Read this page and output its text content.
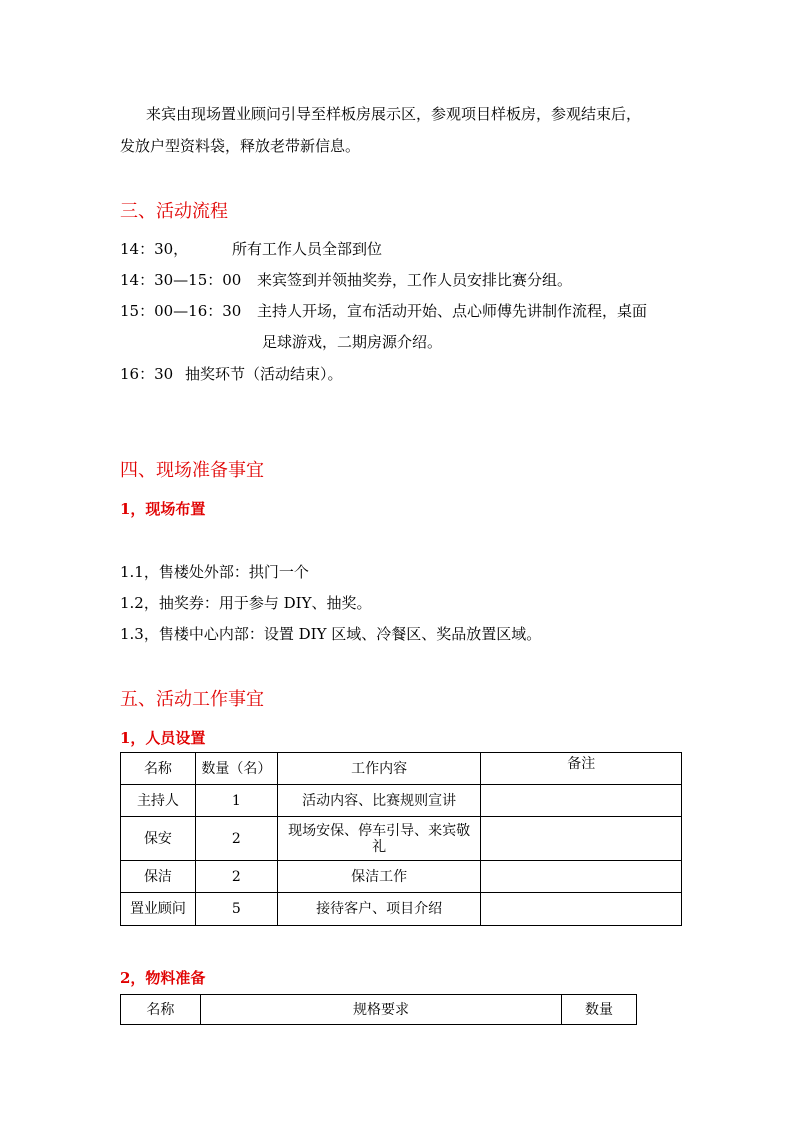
来宾由现场置业顾问引导至样板房展示区，参观项目样板房，参观结束后，
发放户型资料袋，释放老带新信息。
三、活动流程
14：30，	所有工作人员全部到位
14：30—15：00 来宾签到并领抽奖券，工作人员安排比赛分组。
15：00—16：30 主持人开场，宣布活动开始、点心师傅先讲制作流程，桌面
足球游戏，二期房源介绍。
16：30 抽奖环节（活动结束）。
四、现场准备事宜
1，现场布置
1.1，售楼处外部：拱门一个
1.2，抽奖券：用于参与 DIY、抽奖。
1.3，售楼中心内部：设置 DIY 区域、冷餐区、奖品放置区域。
五、活动工作事宜
1，人员设置
名称	数量（名）	工作内容	备注
主持人	1	活动内容、比赛规则宣讲	
保安	2	现场安保、停车引导、来宾敬礼	
保洁	2	保洁工作	
置业顾问	5	接待客户、项目介绍	
2，物料准备
名称	规格要求	数量
